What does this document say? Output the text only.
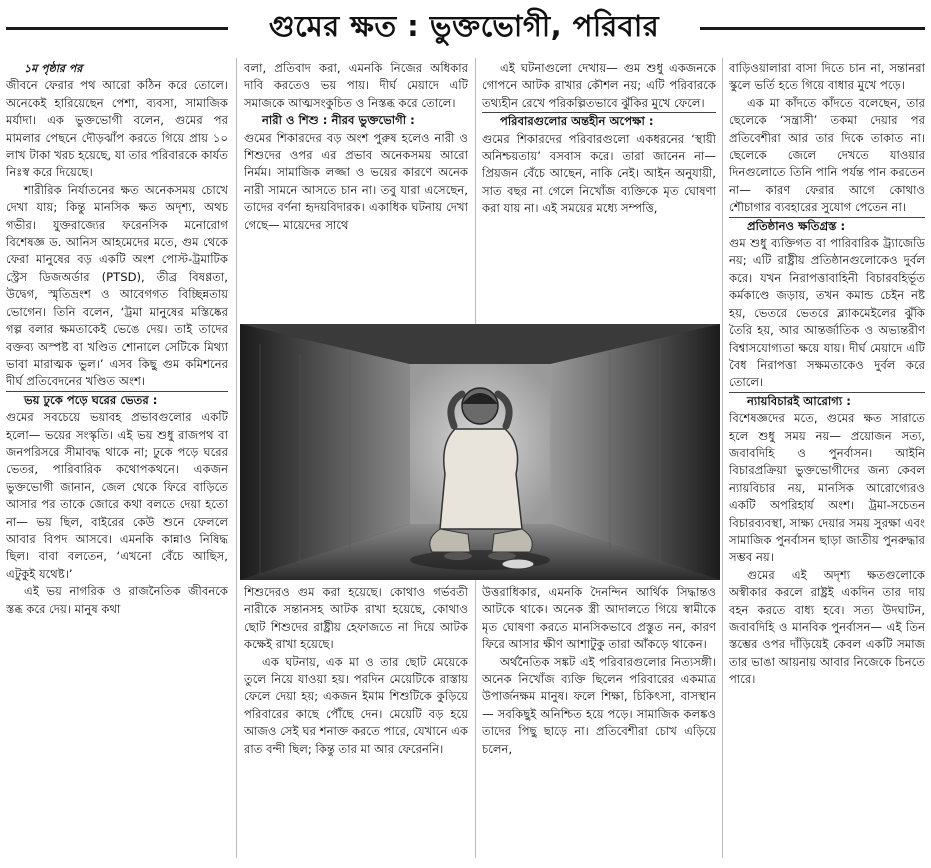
গুমের ক্ষত : ভুক্তভোগী, পরিবার

১ম পৃষ্ঠার পর

জীবনে ফেরার পথ আরো কঠিন করে তোলে। অনেকেই হারিয়েছেন পেশা, ব্যবসা, সামাজিক মর্যাদা। এক ভুক্তভোগী বলেন, গুমের পর মামলার পেছনে দৌড়ঝাঁপ করতে গিয়ে প্রায় ১০ লাখ টাকা খরচ হয়েছে, যা তার পরিবারকে কার্যত নিঃস্ব করে দিয়েছে।

শারীরিক নির্যাতনের ক্ষত অনেকসময় চোখে দেখা যায়; কিন্তু মানসিক ক্ষত অদৃশ্য, অথচ গভীর। যুক্তরাজ্যের ফরেনসিক মনোরোগ বিশেষজ্ঞ ড. আনিস আহমেদের মতে, গুম থেকে ফেরা মানুষের বড় একটি অংশ পোস্ট-ট্রমাটিক স্ট্রেস ডিজঅর্ডার (PTSD), তীব্র বিষণ্ণতা, উদ্বেগ, স্মৃতিভ্রংশ ও আবেগগত বিচ্ছিন্নতায় ভোগেন। তিনি বলেন, ‘ট্রমা মানুষের মস্তিষ্কের গল্প বলার ক্ষমতাকেই ভেঙে দেয়। তাই তাদের বক্তব্য অস্পষ্ট বা খণ্ডিত শোনালে সেটিকে মিথ্যা ভাবা মারাত্মক ভুল।’ এসব কিছু গুম কমিশনের দীর্ঘ প্রতিবেদনের খণ্ডিত অংশ।

ভয় ঢুকে পড়ে ঘরের ভেতর :

গুমের সবচেয়ে ভয়াবহ প্রভাবগুলোর একটি হলো— ভয়ের সংস্কৃতি। এই ভয় শুধু রাজপথ বা জনপরিসরে সীমাবদ্ধ থাকে না; ঢুকে পড়ে ঘরের ভেতর, পারিবারিক কথোপকথনে। একজন ভুক্তভোগী জানান, জেল থেকে ফিরে বাড়িতে আসার পর তাকে জোরে কথা বলতে দেয়া হতো না— ভয় ছিল, বাইরের কেউ শুনে ফেললে আবার বিপদ আসবে। এমনকি কান্নাও নিষিদ্ধ ছিল। বাবা বলতেন, ‘এখনো বেঁচে আছিস, এটুকুই যথেষ্ট।’

এই ভয় নাগরিক ও রাজনৈতিক জীবনকে স্তব্ধ করে দেয়। মানুষ কথা

বলা, প্রতিবাদ করা, এমনকি নিজের অধিকার দাবি করতেও ভয় পায়। দীর্ঘ মেয়াদে এটি সমাজকে আত্মসংকুচিত ও নিস্তব্ধ করে তোলে।

নারী ও শিশু : নীরব ভুক্তভোগী :

গুমের শিকারদের বড় অংশ পুরুষ হলেও নারী ও শিশুদের ওপর এর প্রভাব অনেকসময় আরো নির্মম। সামাজিক লজ্জা ও ভয়ের কারণে অনেক নারী সামনে আসতে চান না। তবু যারা এসেছেন, তাদের বর্ণনা হৃদয়বিদারক। একাধিক ঘটনায় দেখা গেছে— মায়েদের সাথে

এই ঘটনাগুলো দেখায়— গুম শুধু একজনকে গোপনে আটক রাখার কৌশল নয়; এটি পরিবারকে তথ্যহীন রেখে পরিকল্পিতভাবে ঝুঁকির মুখে ফেলে।

পরিবারগুলোর অন্তহীন অপেক্ষা :

গুমের শিকারদের পরিবারগুলো একধরনের ‘স্থায়ী অনিশ্চয়তায়’ বসবাস করে। তারা জানেন না— প্রিয়জন বেঁচে আছেন, নাকি নেই। আইন অনুযায়ী, সাত বছর না গেলে নিখোঁজ ব্যক্তিকে মৃত ঘোষণা করা যায় না। এই সময়ের মধ্যে সম্পত্তি,

শিশুদেরও গুম করা হয়েছে। কোথাও গর্ভবতী নারীকে সন্তানসহ আটক রাখা হয়েছে, কোথাও ছোট শিশুদের রাষ্ট্রীয় হেফাজতে না দিয়ে আটক কক্ষেই রাখা হয়েছে।

এক ঘটনায়, এক মা ও তার ছোট মেয়েকে তুলে নিয়ে যাওয়া হয়। পরদিন মেয়েটিকে রাস্তায় ফেলে দেয়া হয়; একজন ইমাম শিশুটিকে কুড়িয়ে পরিবারের কাছে পৌঁছে দেন। মেয়েটি বড় হয়ে আজও সেই ঘর শনাক্ত করতে পারে, যেখানে এক রাত বন্দী ছিল; কিন্তু তার মা আর ফেরেননি।

উত্তরাধিকার, এমনকি দৈনন্দিন আর্থিক সিদ্ধান্তও আটকে থাকে। অনেক স্ত্রী আদালতে গিয়ে স্বামীকে মৃত ঘোষণা করতে মানসিকভাবে প্রস্তুত নন, কারণ ফিরে আসার ক্ষীণ আশাটুকু তারা আঁকড়ে থাকেন।

অর্থনৈতিক সঙ্কট এই পরিবারগুলোর নিত্যসঙ্গী। অনেক নিখোঁজ ব্যক্তি ছিলেন পরিবারের একমাত্র উপার্জনক্ষম মানুষ। ফলে শিক্ষা, চিকিৎসা, বাসস্থান— সবকিছুই অনিশ্চিত হয়ে পড়ে। সামাজিক কলঙ্কও তাদের পিছু ছাড়ে না। প্রতিবেশীরা চোখ এড়িয়ে চলেন,

বাড়িওয়ালারা বাসা দিতে চান না, সন্তানরা স্কুলে ভর্তি হতে গিয়ে বাধার মুখে পড়ে।

এক মা কাঁদতে কাঁদতে বলেছেন, তার ছেলেকে ‘সন্ত্রাসী’ তকমা দেয়ার পর প্রতিবেশীরা আর তার দিকে তাকাত না। ছেলেকে জেলে দেখতে যাওয়ার দিনগুলোতে তিনি পানি পর্যন্ত পান করতেন না— কারণ ফেরার আগে কোথাও শৌচাগার ব্যবহারের সুযোগ পেতেন না।

প্রতিষ্ঠানও ক্ষতিগ্রস্ত :

গুম শুধু ব্যক্তিগত বা পারিবারিক ট্র্যাজেডি নয়; এটি রাষ্ট্রীয় প্রতিষ্ঠানগুলোকেও দুর্বল করে। যখন নিরাপত্তাবাহিনী বিচারবহির্ভূত কর্মকাণ্ডে জড়ায়, তখন কমান্ড চেইন নষ্ট হয়, ভেতরে ভেতরে ব্ল্যাকমেইলের ঝুঁকি তৈরি হয়, আর আন্তর্জাতিক ও অভ্যন্তরীণ বিশ্বাসযোগ্যতা ক্ষয়ে যায়। দীর্ঘ মেয়াদে এটি বৈধ নিরাপত্তা সক্ষমতাকেও দুর্বল করে তোলে।

ন্যায়বিচারই আরোগ্য :

বিশেষজ্ঞদের মতে, গুমের ক্ষত সারাতে হলে শুধু সময় নয়— প্রয়োজন সত্য, জবাবদিহি ও পুনর্বাসন। আইনি বিচারপ্রক্রিয়া ভুক্তভোগীদের জন্য কেবল ন্যায়বিচার নয়, মানসিক আরোগ্যেরও একটি অপরিহার্য অংশ। ট্রমা-সচেতন বিচারব্যবস্থা, সাক্ষ্য দেয়ার সময় সুরক্ষা এবং সামাজিক পুনর্বাসন ছাড়া জাতীয় পুনরুদ্ধার সম্ভব নয়।

গুমের এই অদৃশ্য ক্ষতগুলোকে অস্বীকার করলে রাষ্ট্রই একদিন তার দায় বহন করতে বাধ্য হবে। সত্য উদঘাটন, জবাবদিহি ও মানবিক পুনর্বাসন— এই তিন স্তম্ভের ওপর দাঁড়িয়েই কেবল একটি সমাজ তার ভাঙা আয়নায় আবার নিজেকে চিনতে পারে।
